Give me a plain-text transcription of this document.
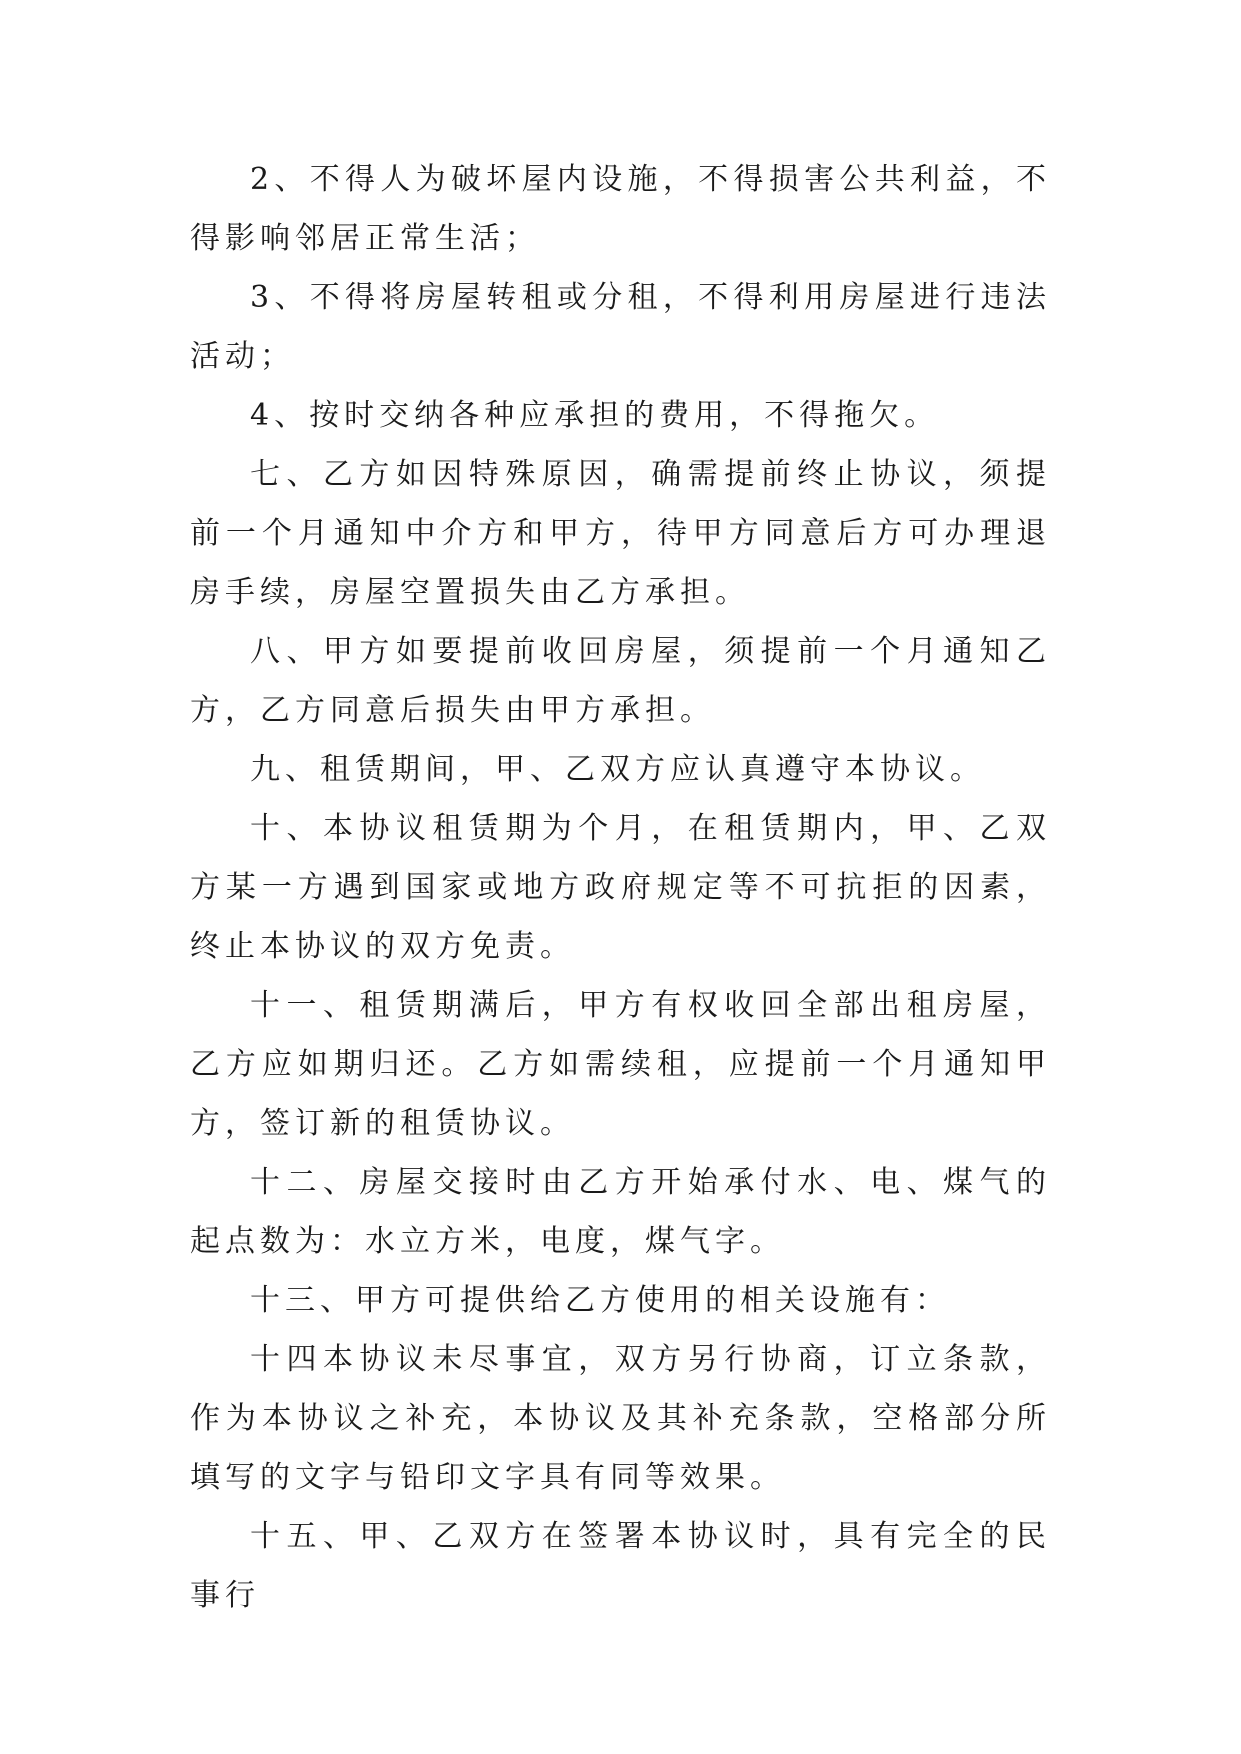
2、不得人为破坏屋内设施，不得损害公共利益，不得影响邻居正常生活；

3、不得将房屋转租或分租，不得利用房屋进行违法活动；

4、按时交纳各种应承担的费用，不得拖欠。

七、乙方如因特殊原因，确需提前终止协议，须提前一个月通知中介方和甲方，待甲方同意后方可办理退房手续，房屋空置损失由乙方承担。

八、甲方如要提前收回房屋，须提前一个月通知乙方，乙方同意后损失由甲方承担。

九、租赁期间，甲、乙双方应认真遵守本协议。

十、本协议租赁期为个月，在租赁期内，甲、乙双方某一方遇到国家或地方政府规定等不可抗拒的因素，终止本协议的双方免责。

十一、租赁期满后，甲方有权收回全部出租房屋，乙方应如期归还。乙方如需续租，应提前一个月通知甲方，签订新的租赁协议。

十二、房屋交接时由乙方开始承付水、电、煤气的起点数为：水立方米，电度，煤气字。

十三、甲方可提供给乙方使用的相关设施有：

十四本协议未尽事宜，双方另行协商，订立条款，作为本协议之补充，本协议及其补充条款，空格部分所填写的文字与铅印文字具有同等效果。

十五、甲、乙双方在签署本协议时，具有完全的民事行
